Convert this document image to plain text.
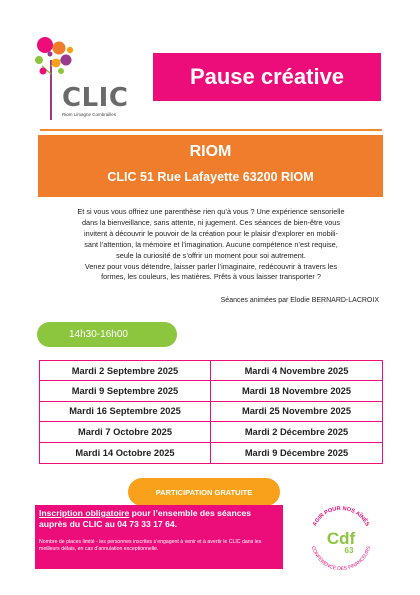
CLIC
Riom Limagne Combrailles
Pause créative
RIOM
CLIC 51 Rue Lafayette 63200 RIOM
Et si vous vous offriez une parenthèse rien qu’à vous ? Une expérience sensorielle
dans la bienveillance, sans attente, ni jugement. Ces séances de bien-être vous
invitent à découvrir le pouvoir de la création pour le plaisir d’explorer en mobili-
sant l’attention, la mémoire et l’imagination. Aucune compétence n’est requise,
seule la curiosité de s’offrir un moment pour soi autrement.
Venez pour vous détendre, laisser parler l’imaginaire, redécouvrir à travers les
formes, les couleurs, les matières. Prêts à vous laisser transporter ?
Séances animées par Elodie BERNARD-LACROIX
14h30-16h00
Mardi 2 Septembre 2025	Mardi 4 Novembre 2025
Mardi 9 Septembre 2025	Mardi 18 Novembre 2025
Mardi 16 Septembre 2025	Mardi 25 Novembre 2025
Mardi 7 Octobre 2025	Mardi 2 Décembre 2025
Mardi 14 Octobre 2025	Mardi 9 Décembre 2025
PARTICIPATION GRATUITE
Inscription obligatoire pour l’ensemble des séances auprès du CLIC au 04 73 33 17 64.
Nombre de places limité - les personnes inscrites s’engagent à venir et à avertir le CLIC dans les meilleurs délais, en cas d’annulation exceptionnelle.
AGIR POUR NOS AÎNÉS
CONFÉRENCE DES FINANCEURS
Cdf
63
